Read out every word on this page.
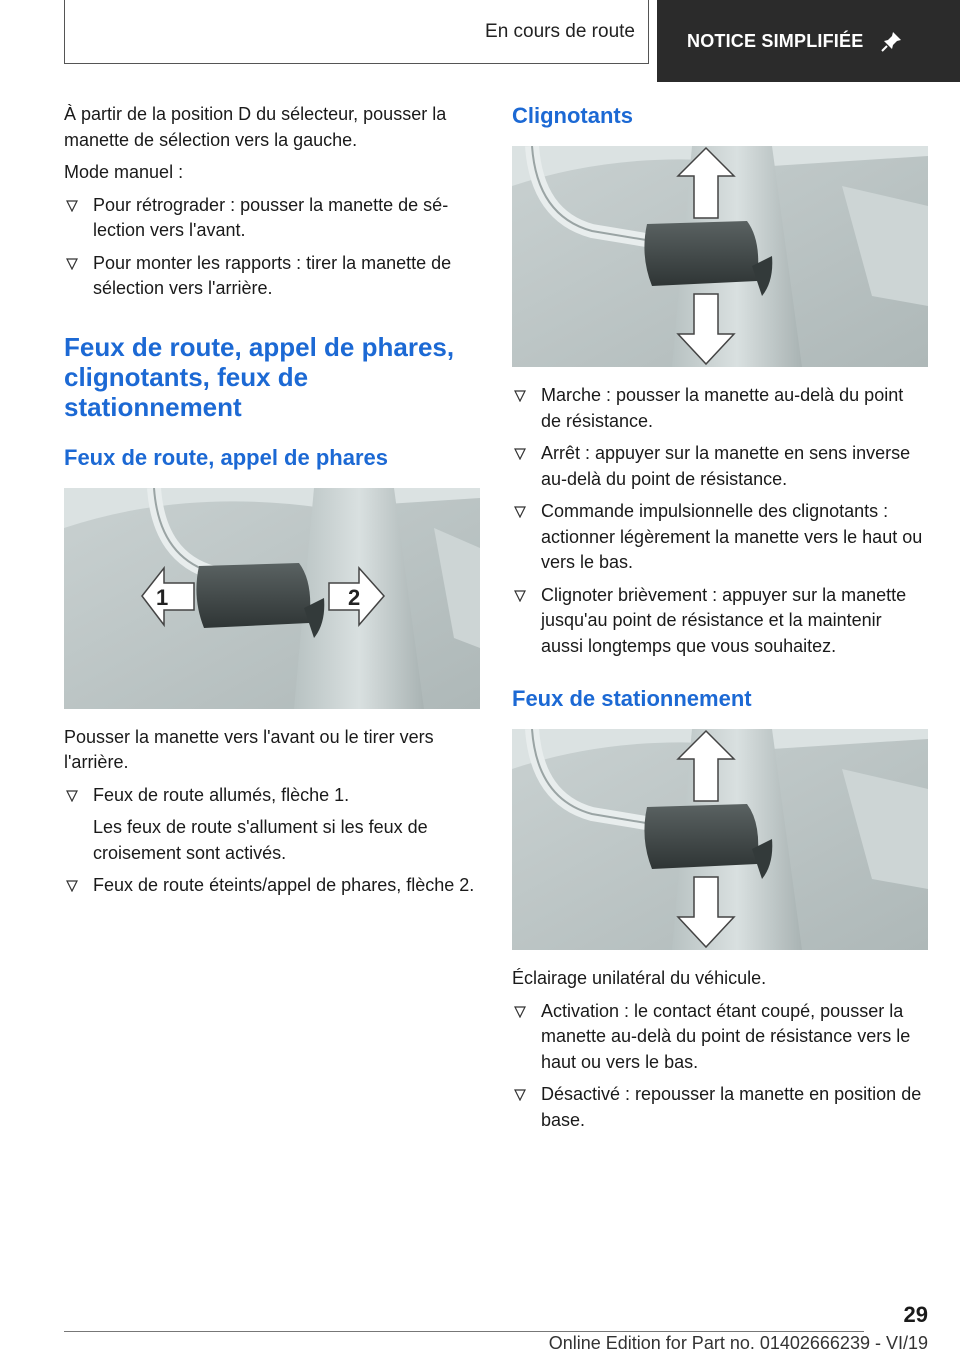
En cours de route	NOTICE SIMPLIFIÉE

À partir de la position D du sélecteur, pousser la manette de sélection vers la gauche.

Mode manuel :

Pour rétrograder : pousser la manette de sélection vers l'avant.
Pour monter les rapports : tirer la manette de sélection vers l'arrière.
Feux de route, appel de phares, clignotants, feux de stationnement
Feux de route, appel de phares
1	2

Pousser la manette vers l'avant ou le tirer vers l'arrière.

Feux de route allumés, flèche 1.

Les feux de route s'allument si les feux de croisement sont activés.

Feux de route éteints/appel de phares, flèche 2.
Clignotants
Marche : pousser la manette au-delà du point de résistance.
Arrêt : appuyer sur la manette en sens inverse au-delà du point de résistance.
Commande impulsionnelle des clignotants : actionner légèrement la manette vers le haut ou vers le bas.
Clignoter brièvement : appuyer sur la manette jusqu'au point de résistance et la maintenir aussi longtemps que vous souhaitez.
Feux de stationnement

Éclairage unilatéral du véhicule.

Activation : le contact étant coupé, pousser la manette au-delà du point de résistance vers le haut ou vers le bas.
Désactivé : repousser la manette en position de base.
29
Online Edition for Part no. 01402666239 - VI/19
